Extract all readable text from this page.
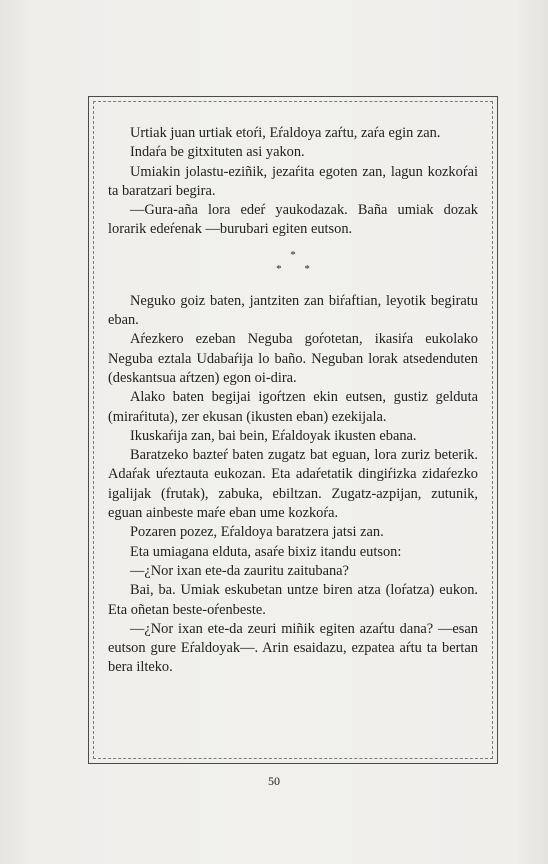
Urtiak juan urtiak etoŕi, Eŕaldoya zaŕtu, zaŕa egin zan.

Indaŕa be gitxituten asi yakon.

Umiakin jolastu-eziñik, jezaŕita egoten zan, lagun kozkoŕai ta baratzari begira.

—Gura-aña lora edeŕ yaukodazak. Baña umiak dozak lorarik edeŕenak —burubari egiten eutson.

*
* *

Neguko goiz baten, jantziten zan biŕaftian, leyotik begiratu eban.

Aŕezkero ezeban Neguba goŕotetan, ikasiŕa eukolako Neguba eztala Udabaŕija lo baño. Neguban lorak atsedenduten (deskantsua aŕtzen) egon oi-dira.

Alako baten begijai igoŕtzen ekin eutsen, gustiz gelduta (miraŕituta), zer ekusan (ikusten eban) ezekijala.

Ikuskaŕija zan, bai bein, Eŕaldoyak ikusten ebana.

Baratzeko bazteŕ baten zugatz bat eguan, lora zuriz beterik. Adaŕak uŕeztauta eukozan. Eta adaŕetatik dingiŕizka zidaŕezko igalijak (frutak), zabuka, ebiltzan. Zugatz-azpijan, zutunik, eguan ainbeste maŕe eban ume kozkoŕa.

Pozaren pozez, Eŕaldoya baratzera jatsi zan.

Eta umiagana elduta, asaŕe bixiz itandu eutson:

—¿Nor ixan ete-da zauritu zaitubana?

Bai, ba. Umiak eskubetan untze biren atza (loŕatza) eukon. Eta oñetan beste-oŕenbeste.

—¿Nor ixan ete-da zeuri miñik egiten azaŕtu dana? —esan eutson gure Eŕaldoyak—. Arin esaidazu, ezpatea aŕtu ta bertan bera ilteko.

50
